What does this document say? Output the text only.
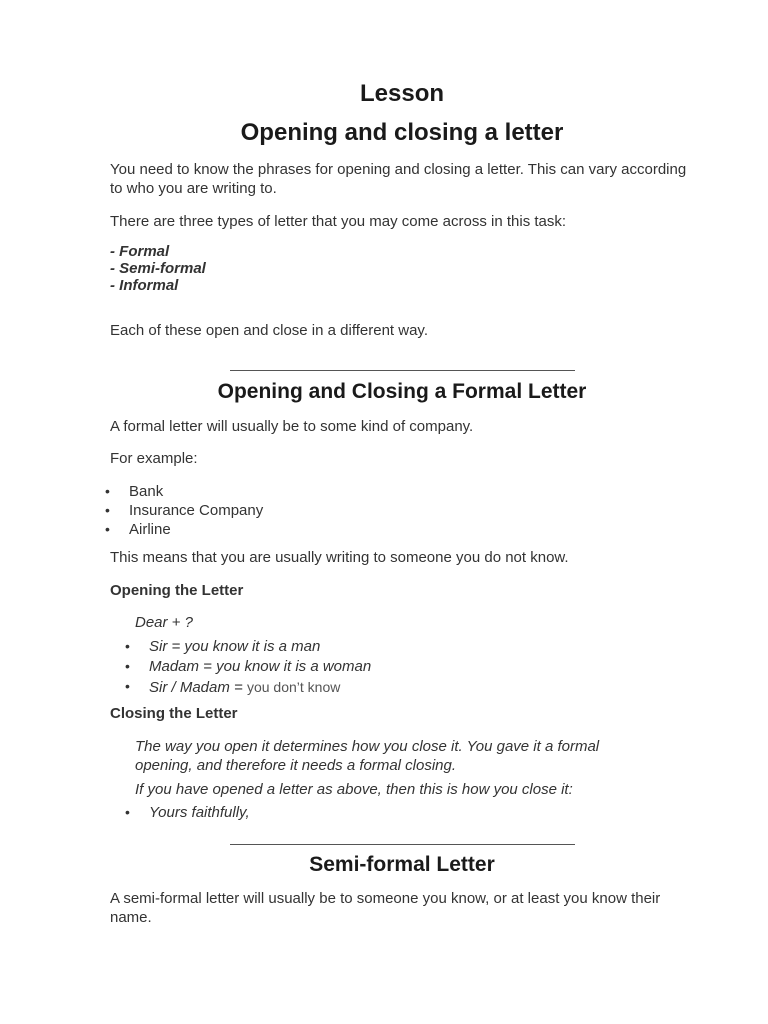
Lesson
Opening and closing a letter

You need to know the phrases for opening and closing a letter. This can vary according to who you are writing to.

There are three types of letter that you may come across in this task:

- Formal
- Semi-formal
- Informal

Each of these open and close in a different way.

Opening and Closing a Formal Letter

A formal letter will usually be to some kind of company.

For example:

• Bank
• Insurance Company
• Airline

This means that you are usually writing to someone you do not know.

Opening the Letter

Dear + ?

• Sir = you know it is a man
• Madam = you know it is a woman
• Sir / Madam = you don’t know

Closing the Letter

The way you open it determines how you close it. You gave it a formal opening, and therefore it needs a formal closing.

If you have opened a letter as above, then this is how you close it:

• Yours faithfully,
Semi-formal Letter

A semi-formal letter will usually be to someone you know, or at least you know their name.
